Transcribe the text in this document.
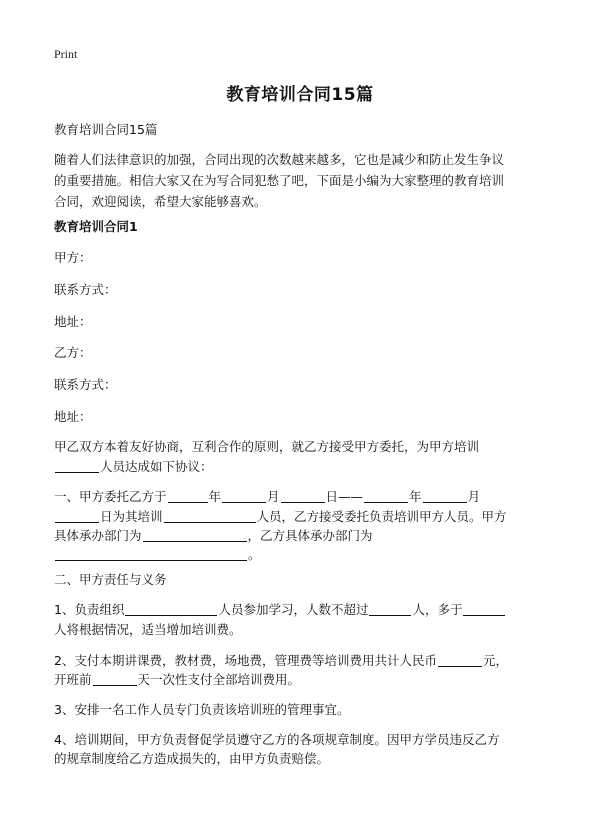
Print
教育培训合同15篇
教育培训合同15篇
随着人们法律意识的加强，合同出现的次数越来越多，它也是减少和防止发生争议
的重要措施。相信大家又在为写合同犯愁了吧，下面是小编为大家整理的教育培训
合同，欢迎阅读，希望大家能够喜欢。
教育培训合同1
甲方：
联系方式：
地址：
乙方：
联系方式：
地址：
甲乙双方本着友好协商，互利合作的原则，就乙方接受甲方委托，为甲方培训
人员达成如下协议：
一、甲方委托乙方于	年	月	日——	年	月
日为其培训	人员，乙方接受委托负责培训甲方人员。甲方
具体承办部门为	，乙方具体承办部门为
。
二、甲方责任与义务
1、负责组织	人员参加学习，人数不超过	人，多于
人将根据情况，适当增加培训费。
2、支付本期讲课费，教材费，场地费，管理费等培训费用共计人民币	元，
开班前	天一次性支付全部培训费用。
3、安排一名工作人员专门负责该培训班的管理事宜。
4、培训期间，甲方负责督促学员遵守乙方的各项规章制度。因甲方学员违反乙方
的规章制度给乙方造成损失的，由甲方负责赔偿。
